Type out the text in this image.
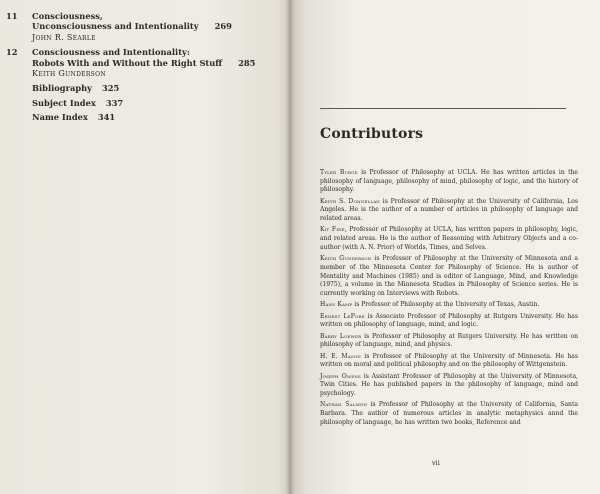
11	Consciousness,
Unconsciousness and Intentionality 269
John R. Searle
12	Consciousness and Intentionality:
Robots With and Without the Right Stuff 285
Keith Gunderson
Bibliography 325
Subject Index 337
Name Index 341
Contributors

Tyler Burge is Professor of Philosophy at UCLA. He has written articles in the philosophy of language, philosophy of mind, philosophy of logic, and the history of philosophy.

Keith S. Donnellan is Professor of Philosophy at the University of California, Los Angeles. He is the author of a number of articles in philosophy of language and related areas.

Kit Fine, Professor of Philosophy at UCLA, has written papers in philosophy, logic, and related areas. He is the author of Reasoning with Arbitrary Objects and a co-author (with A. N. Prior) of Worlds, Times, and Selves.

Keith Gunderson is Professor of Philosophy at the University of Minnesota and a member of the Minnesota Center for Philosophy of Science. He is author of Mentality and Machines (1985) and is editor of Language, Mind, and Knowledge (1975), a volume in the Minnesota Studies in Philosophy of Science series. He is currently working on Interviews with Robots.

Hans Kamp is Professor of Philosophy at the University of Texas, Austin.

Ernest LePore is Associate Professor of Philosophy at Rutgers University. He has written on philosophy of language, mind, and logic.

Barry Loewer is Professor of Philosophy at Rutgers University. He has written on philosophy of language, mind, and physics.

H. E. Mason is Professor of Philosophy at the University of Minnesota. He has written on moral and political philosophy and on the philosophy of Wittgenstein.

Joseph Owens is Assistant Professor of Philosophy at the University of Minnesota, Twin Cities. He has published papers in the philosophy of language, mind and psychology.

Nathan Salmon is Professor of Philosophy at the University of California, Santa Barbara. The author of numerous articles in analytic metaphysics annd the philosophy of language, he has written two books, Reference and

vii
